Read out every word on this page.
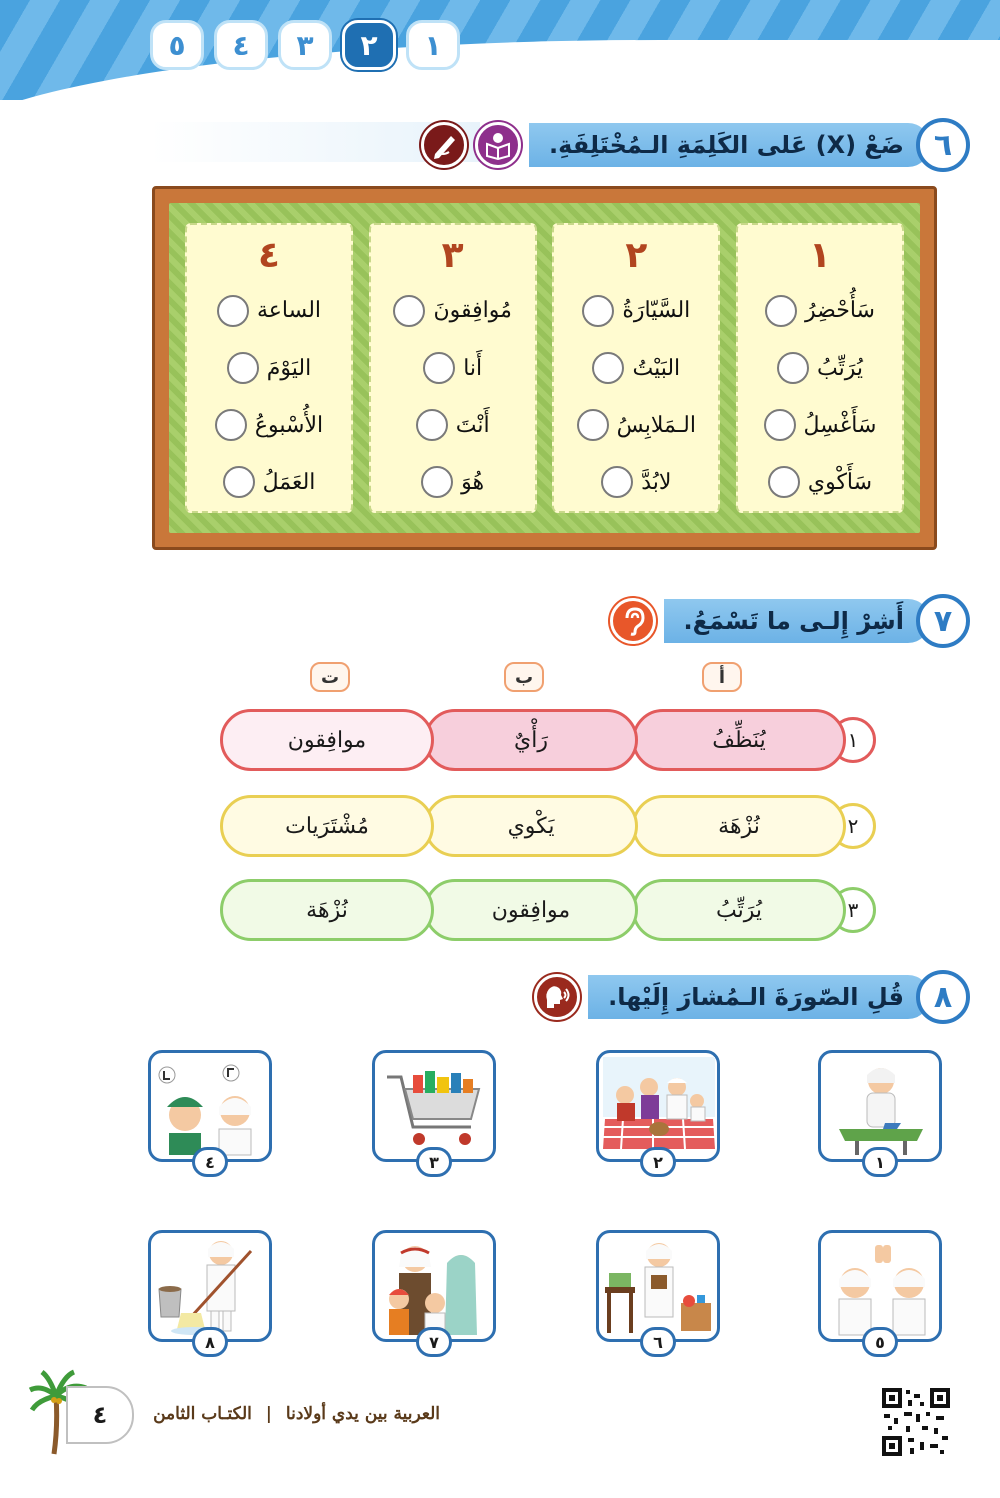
٥	٤	٣	٢	١
٦
ضَعْ (X) عَلى الكَلِمَةِ الـمُخْتَلِفَةِ.
١
سَأُحْضِرُ
يُرَتِّبُ
سَأَغْسِلُ
سَأَكْوي
٢
السَّيّارَةُ
البَيْتُ
الـمَلابِسُ
لابُدَّ
٣
مُوافِقونَ
أَنا
أَنْتَ
هُوَ
٤
الساعة
اليَوْمَ
الأُسْبوعُ
العَمَلُ
٧
أَشِرْ إِلـى ما تَسْمَعُ.
أ
ب
ت
١
يُنَظِّفُ
رَأْيٌ
موافِقون
٢
نُزْهَة
يَكْوي
مُشْتَرَيات
٣
يُرَتِّبُ
موافِقون
نُزْهَة
٨
قُلِ الصّورَةَ الـمُشارَ إِلَيْها.
١
٢
٣
٤
٥
٦
٧
٨
٤	العربية بين يدي أولادنا | الكتـاب الثامن
